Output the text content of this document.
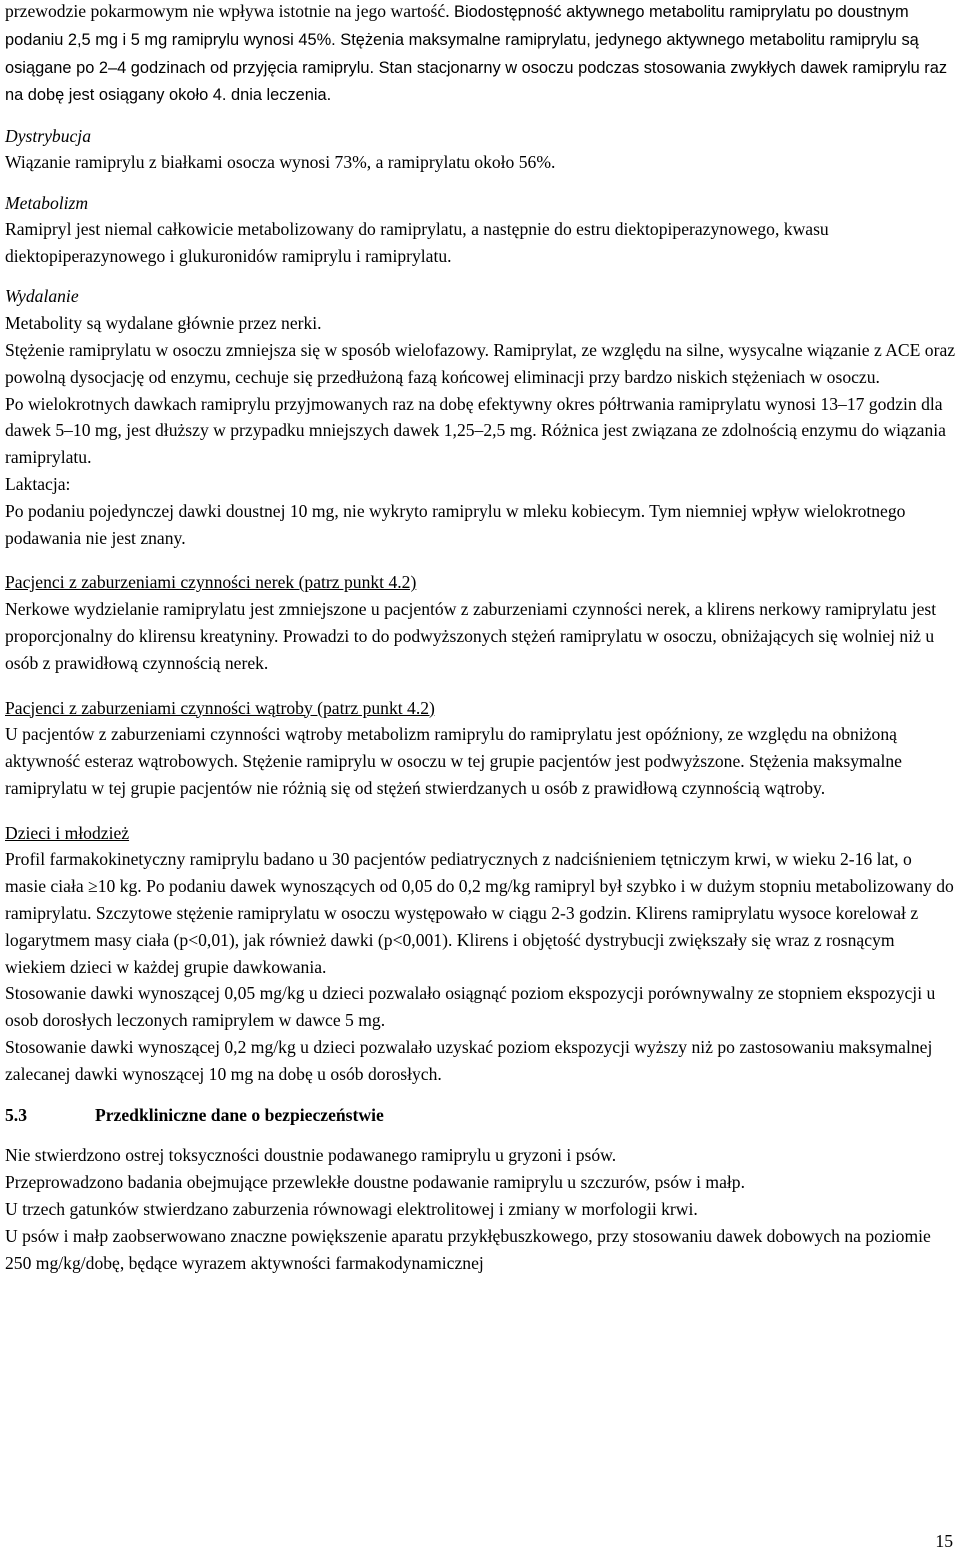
przewodzie pokarmowym nie wpływa istotnie na jego wartość. Biodostępność aktywnego metabolitu ramiprylatu po doustnym podaniu 2,5 mg i 5 mg ramiprylu wynosi 45%. Stężenia maksymalne ramiprylatu, jedynego aktywnego metabolitu ramiprylu są osiągane po 2–4 godzinach od przyjęcia ramiprylu. Stan stacjonarny w osoczu podczas stosowania zwykłych dawek ramiprylu raz na dobę jest osiągany około 4. dnia leczenia.

Dystrybucja

Wiązanie ramiprylu z białkami osocza wynosi 73%, a ramiprylatu około 56%.

Metabolizm

Ramipryl jest niemal całkowicie metabolizowany do ramiprylatu, a następnie do estru diektopiperazynowego, kwasu diektopiperazynowego i glukuronidów ramiprylu i ramiprylatu.

Wydalanie

Metabolity są wydalane głównie przez nerki.

Stężenie ramiprylatu w osoczu zmniejsza się w sposób wielofazowy. Ramiprylat, ze względu na silne, wysycalne wiązanie z ACE oraz powolną dysocjację od enzymu, cechuje się przedłużoną fazą końcowej eliminacji przy bardzo niskich stężeniach w osoczu.

Po wielokrotnych dawkach ramiprylu przyjmowanych raz na dobę efektywny okres półtrwania ramiprylatu wynosi 13–17 godzin dla dawek 5–10 mg, jest dłuższy w przypadku mniejszych dawek 1,25–2,5 mg. Różnica jest związana ze zdolnością enzymu do wiązania ramiprylatu.

Laktacja:

Po podaniu pojedynczej dawki doustnej 10 mg, nie wykryto ramiprylu w mleku kobiecym. Tym niemniej wpływ wielokrotnego podawania nie jest znany.

Pacjenci z zaburzeniami czynności nerek (patrz punkt 4.2)

Nerkowe wydzielanie ramiprylatu jest zmniejszone u pacjentów z zaburzeniami czynności nerek, a klirens nerkowy ramiprylatu jest proporcjonalny do klirensu kreatyniny. Prowadzi to do podwyższonych stężeń ramiprylatu w osoczu, obniżających się wolniej niż u osób z prawidłową czynnością nerek.

Pacjenci z zaburzeniami czynności wątroby (patrz punkt 4.2)

U pacjentów z zaburzeniami czynności wątroby metabolizm ramiprylu do ramiprylatu jest opóźniony, ze względu na obniżoną aktywność esteraz wątrobowych. Stężenie ramiprylu w osoczu w tej grupie pacjentów jest podwyższone. Stężenia maksymalne ramiprylatu w tej grupie pacjentów nie różnią się od stężeń stwierdzanych u osób z prawidłową czynnością wątroby.

Dzieci i młodzież

Profil farmakokinetyczny ramiprylu badano u 30 pacjentów pediatrycznych z nadciśnieniem tętniczym krwi, w wieku 2-16 lat, o masie ciała ≥10 kg. Po podaniu dawek wynoszących od 0,05 do 0,2 mg/kg ramipryl był szybko i w dużym stopniu metabolizowany do ramiprylatu. Szczytowe stężenie ramiprylatu w osoczu występowało w ciągu 2-3 godzin. Klirens ramiprylatu wysoce korelował z logarytmem masy ciała (p<0,01), jak również dawki (p<0,001). Klirens i objętość dystrybucji zwiększały się wraz z rosnącym wiekiem dzieci w każdej grupie dawkowania.

Stosowanie dawki wynoszącej 0,05 mg/kg u dzieci pozwalało osiągnąć poziom ekspozycji porównywalny ze stopniem ekspozycji u osob dorosłych leczonych ramiprylem w dawce 5 mg.

Stosowanie dawki wynoszącej 0,2 mg/kg u dzieci pozwalało uzyskać poziom ekspozycji wyższy niż po zastosowaniu maksymalnej zalecanej dawki wynoszącej 10 mg na dobę u osób dorosłych.

5.3	Przedkliniczne dane o bezpieczeństwie

Nie stwierdzono ostrej toksyczności doustnie podawanego ramiprylu u gryzoni i psów.

Przeprowadzono badania obejmujące przewlekłe doustne podawanie ramiprylu u szczurów, psów i małp.

U trzech gatunków stwierdzano zaburzenia równowagi elektrolitowej i zmiany w morfologii krwi.

U psów i małp zaobserwowano znaczne powiększenie aparatu przykłębuszkowego, przy stosowaniu dawek dobowych na poziomie 250 mg/kg/dobę, będące wyrazem aktywności farmakodynamicznej

15
